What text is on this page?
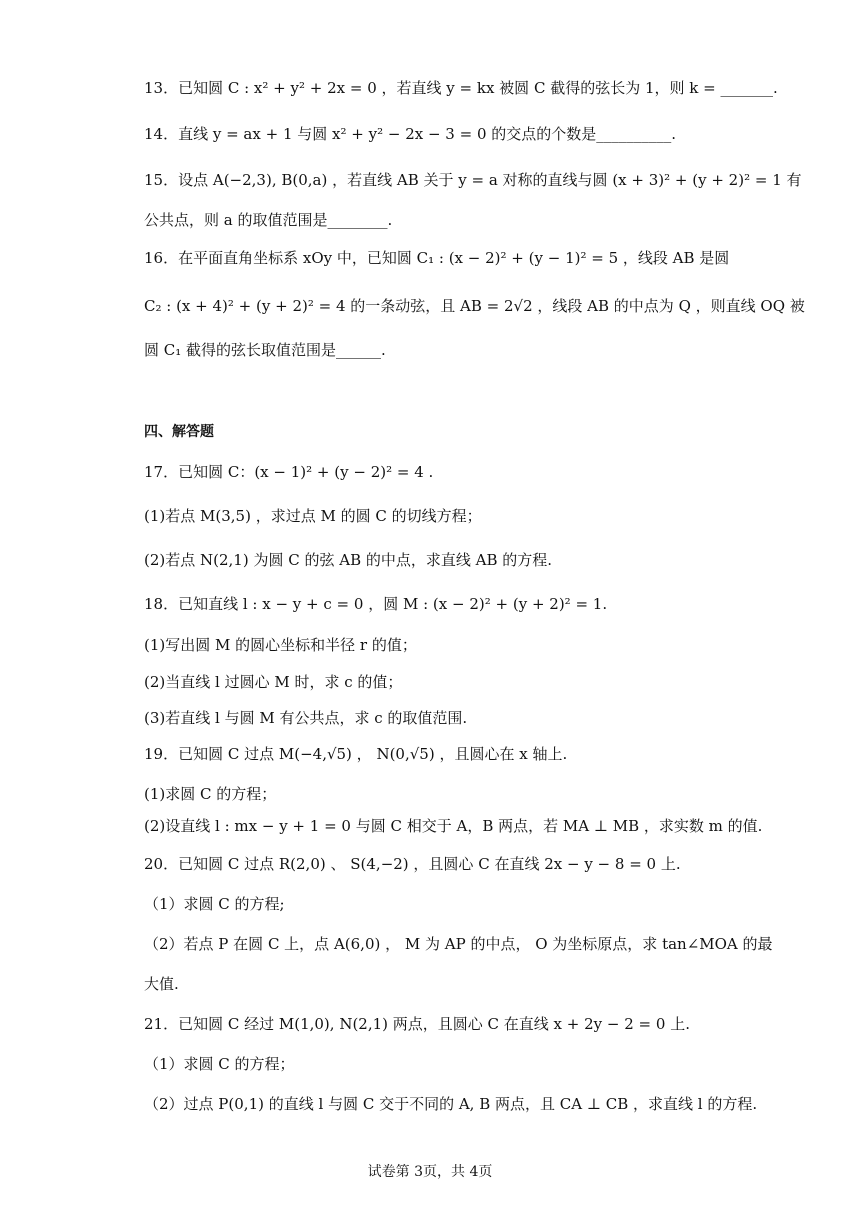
13．已知圆 C : x² + y² + 2x = 0 ，若直线 y = kx 被圆 C 截得的弦长为 1，则 k = _______.
14．直线 y = ax + 1 与圆 x² + y² − 2x − 3 = 0 的交点的个数是__________.
15．设点 A(−2,3), B(0,a) ，若直线 AB 关于 y = a 对称的直线与圆 (x + 3)² + (y + 2)² = 1 有
公共点，则 a 的取值范围是________.
16．在平面直角坐标系 xOy 中，已知圆 C₁ : (x − 2)² + (y − 1)² = 5 ，线段 AB 是圆
C₂ : (x + 4)² + (y + 2)² = 4 的一条动弦，且 AB = 2√2 ，线段 AB 的中点为 Q ，则直线 OQ 被
圆 C₁ 截得的弦长取值范围是______.
四、解答题
17．已知圆 C：(x − 1)² + (y − 2)² = 4 .
(1)若点 M(3,5) ，求过点 M 的圆 C 的切线方程；
(2)若点 N(2,1) 为圆 C 的弦 AB 的中点，求直线 AB 的方程.
18．已知直线 l : x − y + c = 0 ，圆 M : (x − 2)² + (y + 2)² = 1.
(1)写出圆 M 的圆心坐标和半径 r 的值；
(2)当直线 l 过圆心 M 时，求 c 的值；
(3)若直线 l 与圆 M 有公共点，求 c 的取值范围.
19．已知圆 C 过点 M(−4,√5) ， N(0,√5) ，且圆心在 x 轴上.
(1)求圆 C 的方程；
(2)设直线 l : mx − y + 1 = 0 与圆 C 相交于 A，B 两点，若 MA ⊥ MB ，求实数 m 的值.
20．已知圆 C 过点 R(2,0) 、 S(4,−2) ，且圆心 C 在直线 2x − y − 8 = 0 上.
（1）求圆 C 的方程;
（2）若点 P 在圆 C 上，点 A(6,0) ， M 为 AP 的中点， O 为坐标原点，求 tan∠MOA 的最
大值.
21．已知圆 C 经过 M(1,0), N(2,1) 两点，且圆心 C 在直线 x + 2y − 2 = 0 上.
（1）求圆 C 的方程；
（2）过点 P(0,1) 的直线 l 与圆 C 交于不同的 A, B 两点，且 CA ⊥ CB ，求直线 l 的方程.
试卷第 3页，共 4页
